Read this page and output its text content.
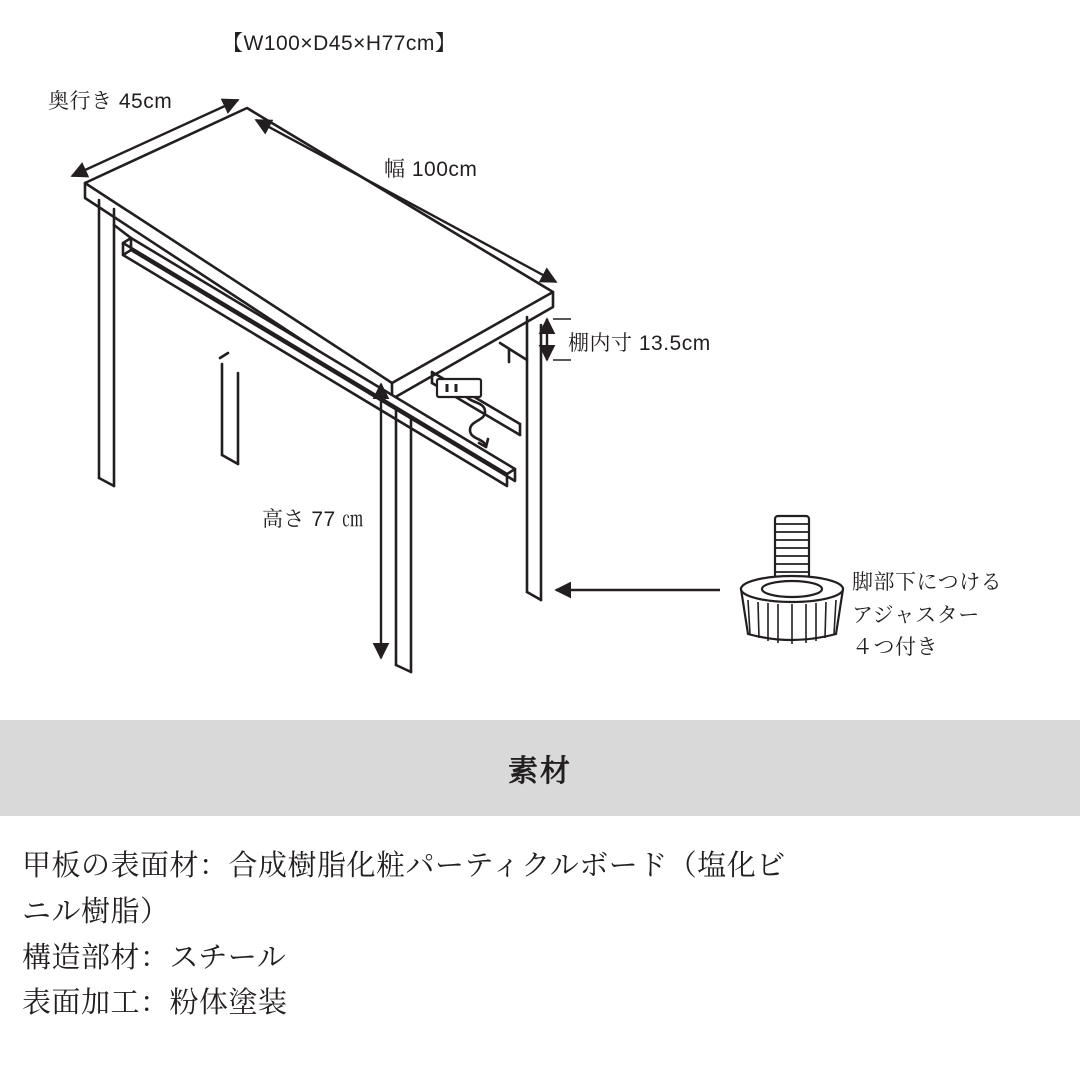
【W100×D45×H77cm】
奥行き 45cm
幅 100cm
棚内寸 13.5cm
高さ 77 ㎝
脚部下につける
アジャスター
４つ付き
素材

甲板の表面材：合成樹脂化粧パーティクルボード（塩化ビ

ニル樹脂）

構造部材：スチール

表面加工：粉体塗装
